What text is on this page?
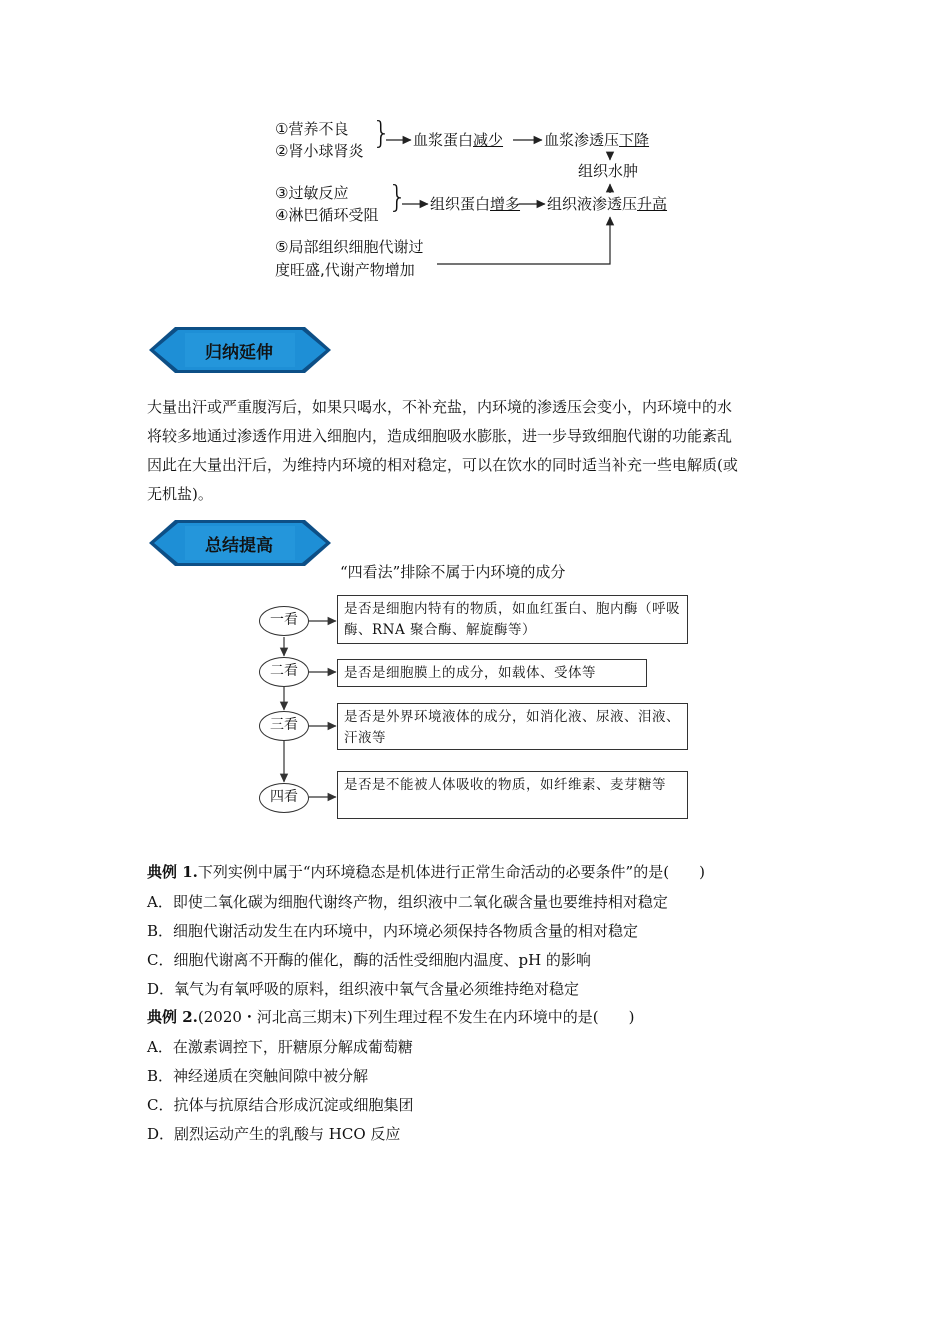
①营养不良
②肾小球肾炎 } 血浆蛋白减少	血浆渗透压下降
组织水肿
③过敏反应
④淋巴循环受阻 } 组织蛋白增多 组织液渗透压升高
⑤局部组织细胞代谢过
度旺盛,代谢产物增加
归纳延伸

大量出汗或严重腹泻后，如果只喝水，不补充盐，内环境的渗透压会变小，内环境中的水

将较多地通过渗透作用进入细胞内，造成细胞吸水膨胀，进一步导致细胞代谢的功能紊乱

因此在大量出汗后，为维持内环境的相对稳定，可以在饮水的同时适当补充一些电解质(或

无机盐)。

总结提高
“四看法”排除不属于内环境的成分
一看
是否是细胞内特有的物质，如血红蛋白、胞内酶（呼吸酶、RNA 聚合酶、解旋酶等）
二看	是否是细胞膜上的成分，如载体、受体等
三看	是否是外界环境液体的成分，如消化液、尿液、泪液、汗液等
四看
是否是不能被人体吸收的物质，如纤维素、麦芽糖等
典例 1.下列实例中属于“内环境稳态是机体进行正常生命活动的必要条件”的是(　　)
A．即使二氧化碳为细胞代谢终产物，组织液中二氧化碳含量也要维持相对稳定
B．细胞代谢活动发生在内环境中，内环境必须保持各物质含量的相对稳定
C．细胞代谢离不开酶的催化，酶的活性受细胞内温度、pH 的影响
D．氧气为有氧呼吸的原料，组织液中氧气含量必须维持绝对稳定
典例 2.(2020・河北高三期末)下列生理过程不发生在内环境中的是(　　)
A．在激素调控下，肝糖原分解成葡萄糖
B．神经递质在突触间隙中被分解
C．抗体与抗原结合形成沉淀或细胞集团
D．剧烈运动产生的乳酸与 HCO 反应
